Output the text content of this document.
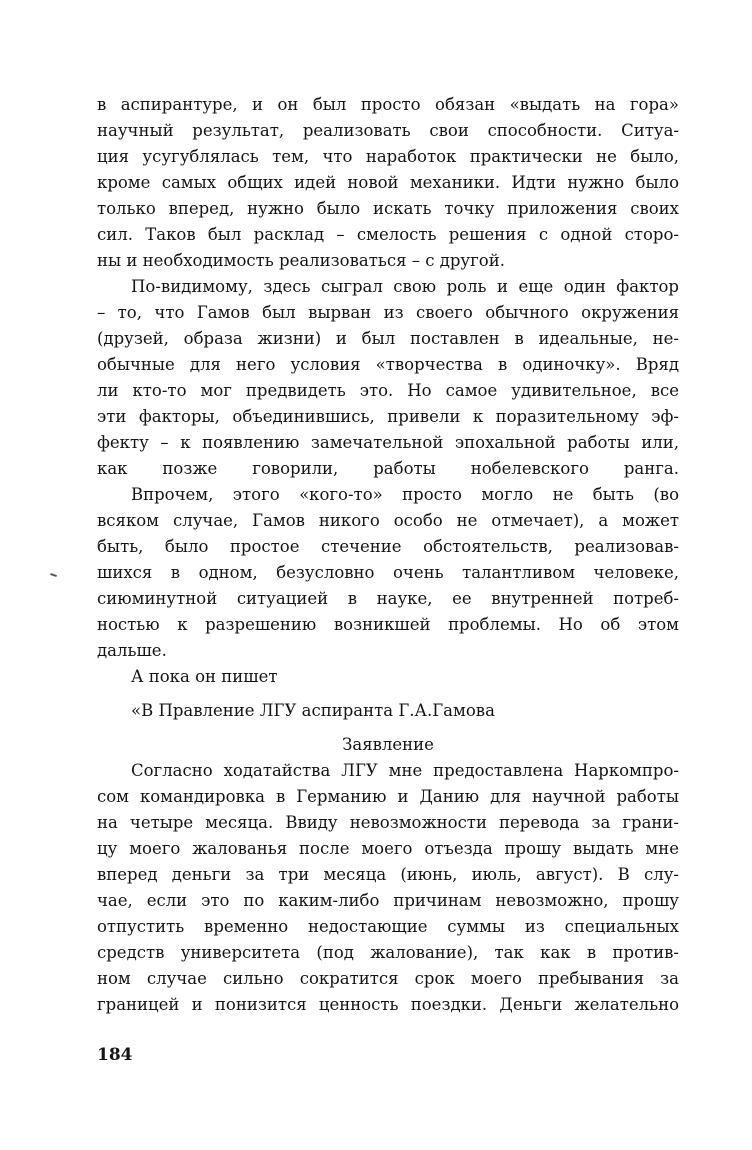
в аспирантуре, и он был просто обязан «выдать на гора»
научный результат, реализовать свои способности. Ситуа-
ция усугублялась тем, что наработок практически не было,
кроме самых общих идей новой механики. Идти нужно было
только вперед, нужно было искать точку приложения своих
сил. Таков был расклад – смелость решения с одной сторо-
ны и необходимость реализоваться – с другой.

По-видимому, здесь сыграл свою роль и еще один фактор
– то, что Гамов был вырван из своего обычного окружения
(друзей, образа жизни) и был поставлен в идеальные, не-
обычные для него условия «творчества в одиночку». Вряд
ли кто-то мог предвидеть это. Но самое удивительное, все
эти факторы, объединившись, привели к поразительному эф-
фекту – к появлению замечательной эпохальной работы или,
как позже говорили, работы нобелевского ранга.

Впрочем, этого «кого-то» просто могло не быть (во
всяком случае, Гамов никого особо не отмечает), а может
быть, было простое стечение обстоятельств, реализовав-
шихся в одном, безусловно очень талантливом человеке,
сиюминутной ситуацией в науке, ее внутренней потреб-
ностью к разрешению возникшей проблемы. Но об этом
дальше.

А пока он пишет

«В Правление ЛГУ аспиранта Г.А.Гамова

Заявление

Согласно ходатайства ЛГУ мне предоставлена Наркомпро-
сом командировка в Германию и Данию для научной работы
на четыре месяца. Ввиду невозможности перевода за грани-
цу моего жалованья после моего отъезда прошу выдать мне
вперед деньги за три месяца (июнь, июль, август). В слу-
чае, если это по каким-либо причинам невозможно, прошу
отпустить временно недостающие суммы из специальных
средств университета (под жалование), так как в против-
ном случае сильно сократится срок моего пребывания за
границей и понизится ценность поездки. Деньги желательно

184
